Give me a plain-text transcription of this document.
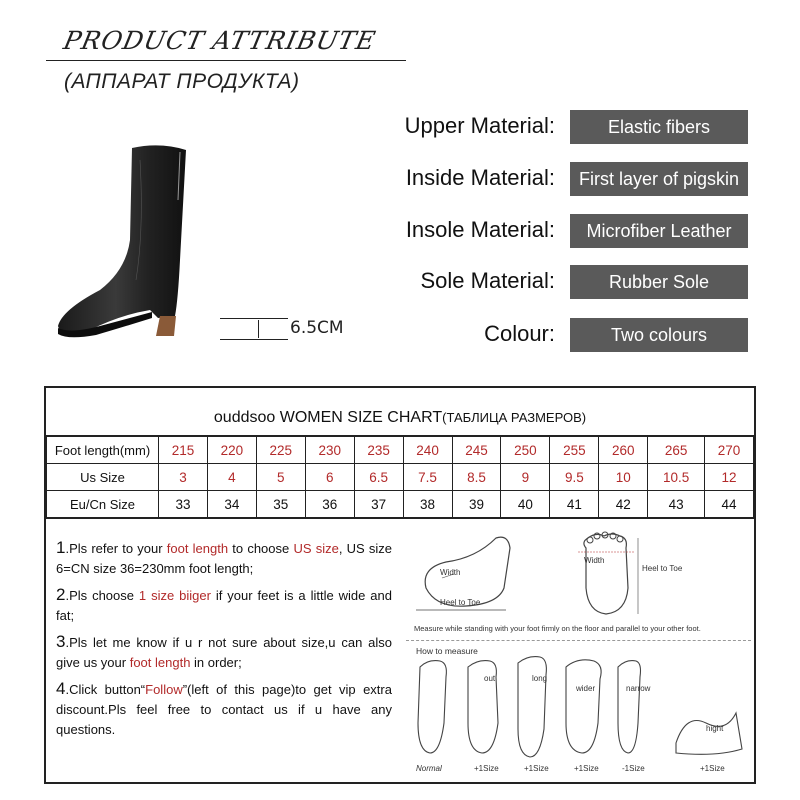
PRODUCT ATTRIBUTE
(АППАРАТ ПРОДУКТА)
6.5CM
Upper Material:	Elastic fibers
Inside Material:	First layer of pigskin
Insole Material:	Microfiber Leather
Sole Material:	Rubber Sole
Colour:	Two colours
ouddsoo WOMEN SIZE CHART(ТАБЛИЦА РАЗМЕРОВ)
Foot length(mm)	215	220	225	230	235	240	245	250	255	260	265	270
Us Size	3	4	5	6	6.5	7.5	8.5	9	9.5	10	10.5	12
Eu/Cn Size	33	34	35	36	37	38	39	40	41	42	43	44

1.Pls refer to your foot length to choose US size, US size 6=CN size 36=230mm foot length;

2.Pls choose 1 size biiger if your feet is a little wide and fat;

3.Pls let me know if u r not sure about size,u can also give us your foot length in order;

4.Click button“Follow”(left of this page)to get vip extra discount.Pls feel free to contact us if u have any questions.

Width
Heel to Toe
Width
Heel to Toe
Measure while standing with your foot firmly on the floor and parallel to your other foot.
How to measure
Normal
out	long
wider	narrow
hight
+1Size	+1Size	+1Size	-1Size	+1Size
